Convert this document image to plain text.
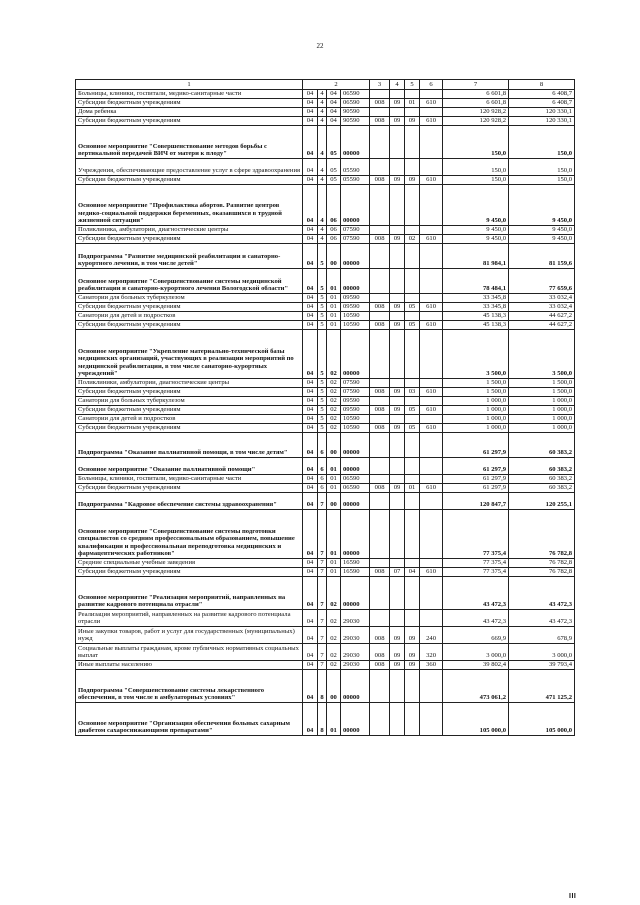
22
1	2				3	4	5	6	7	8
Больницы, клиники, госпитали, медико-санитарные части	04	4	04	06590					6 601,8	6 408,7
Субсидии бюджетным учреждениям	04	4	04	06590	008	09	01	610	6 601,8	6 408,7
Дома ребенка	04	4	04	90590					120 928,2	120 330,1
Субсидии бюджетным учреждениям	04	4	04	90590	008	09	09	610	120 928,2	120 330,1
Основное мероприятие "Совершенствование методов борьбы с вертикальной передачей ВИЧ от матери к плоду"	04	4	05	00000					150,0	150,0
Учреждения, обеспечивающие предоставление услуг в сфере здравоохранения	04	4	05	05590					150,0	150,0
Субсидии бюджетным учреждениям	04	4	05	05590	008	09	09	610	150,0	150,0
Основное мероприятие "Профилактика абортов. Развитие центров медико-социальной поддержки беременных, оказавшихся в трудной жизненной ситуации"	04	4	06	00000					9 450,0	9 450,0
Поликлиника, амбулатории, диагностические центры	04	4	06	07590					9 450,0	9 450,0
Субсидии бюджетным учреждениям	04	4	06	07590	008	09	02	610	9 450,0	9 450,0
Подпрограмма "Развитие медицинской реабилитации и санаторно-курортного лечения, в том числе детей"	04	5	00	00000					81 984,1	81 159,6
Основное мероприятие "Совершенствование системы медицинской реабилитации и санаторно-курортного лечения Вологодской области"	04	5	01	00000					78 484,1	77 659,6
Санатории для больных туберкулезом	04	5	01	09590					33 345,8	33 032,4
Субсидии бюджетным учреждениям	04	5	01	09590	008	09	05	610	33 345,8	33 032,4
Санатории для детей и подростков	04	5	01	10590					45 138,3	44 627,2
Субсидии бюджетным учреждениям	04	5	01	10590	008	09	05	610	45 138,3	44 627,2
Основное мероприятие "Укрепление материально-технической базы медицинских организаций, участвующих в реализации мероприятий по медицинской реабилитации, в том числе санаторно-курортных учреждений"	04	5	02	00000					3 500,0	3 500,0
Поликлиники, амбулатории, диагностические центры	04	5	02	07590					1 500,0	1 500,0
Субсидии бюджетным учреждениям	04	5	02	07590	008	09	03	610	1 500,0	1 500,0
Санатории для больных туберкулезом	04	5	02	09590					1 000,0	1 000,0
Субсидии бюджетным учреждениям	04	5	02	09590	008	09	05	610	1 000,0	1 000,0
Санатории для детей и подростков	04	5	02	10590					1 000,0	1 000,0
Субсидии бюджетным учреждениям	04	5	02	10590	008	09	05	610	1 000,0	1 000,0
Подпрограмма "Оказание паллиативной помощи, в том числе детям"	04	6	00	00000					61 297,9	60 383,2
Основное мероприятие "Оказание паллиативной помощи"	04	6	01	00000					61 297,9	60 383,2
Больницы, клиники, госпитали, медико-санитарные части	04	6	01	06590					61 297,9	60 383,2
Субсидии бюджетным учреждениям	04	6	01	06590	008	09	01	610	61 297,9	60 383,2
Подпрограмма "Кадровое обеспечение системы здравоохранения"	04	7	00	00000					120 847,7	120 255,1
Основное мероприятие "Совершенствование системы подготовки специалистов со средним профессиональным образованием, повышение квалификации и профессиональная переподготовка медицинских и фармацевтических работников"	04	7	01	00000					77 375,4	76 782,8
Средние специальные учебные заведения	04	7	01	16590					77 375,4	76 782,8
Субсидии бюджетным учреждениям	04	7	01	16590	008	07	04	610	77 375,4	76 782,8
Основное мероприятие "Реализация мероприятий, направленных на развитие кадрового потенциала отрасли"	04	7	02	00000					43 472,3	43 472,3
Реализация мероприятий, направленных на развитие кадрового потенциала отрасли	04	7	02	29030					43 472,3	43 472,3
Иные закупки товаров, работ и услуг для государственных (муниципальных) нужд	04	7	02	29030	008	09	09	240	669,9	678,9
Социальные выплаты гражданам, кроме публичных нормативных социальных выплат	04	7	02	29030	008	09	09	320	3 000,0	3 000,0
Иные выплаты населению	04	7	02	29030	008	09	09	360	39 802,4	39 793,4
Подпрограмма "Совершенствование системы лекарственного обеспечения, в том числе в амбулаторных условиях"	04	8	00	00000					473 061,2	471 125,2
Основное мероприятие "Организация обеспечения больных сахарным диабетом сахароснижающими препаратами"	04	8	01	00000					105 000,0	105 000,0
III
